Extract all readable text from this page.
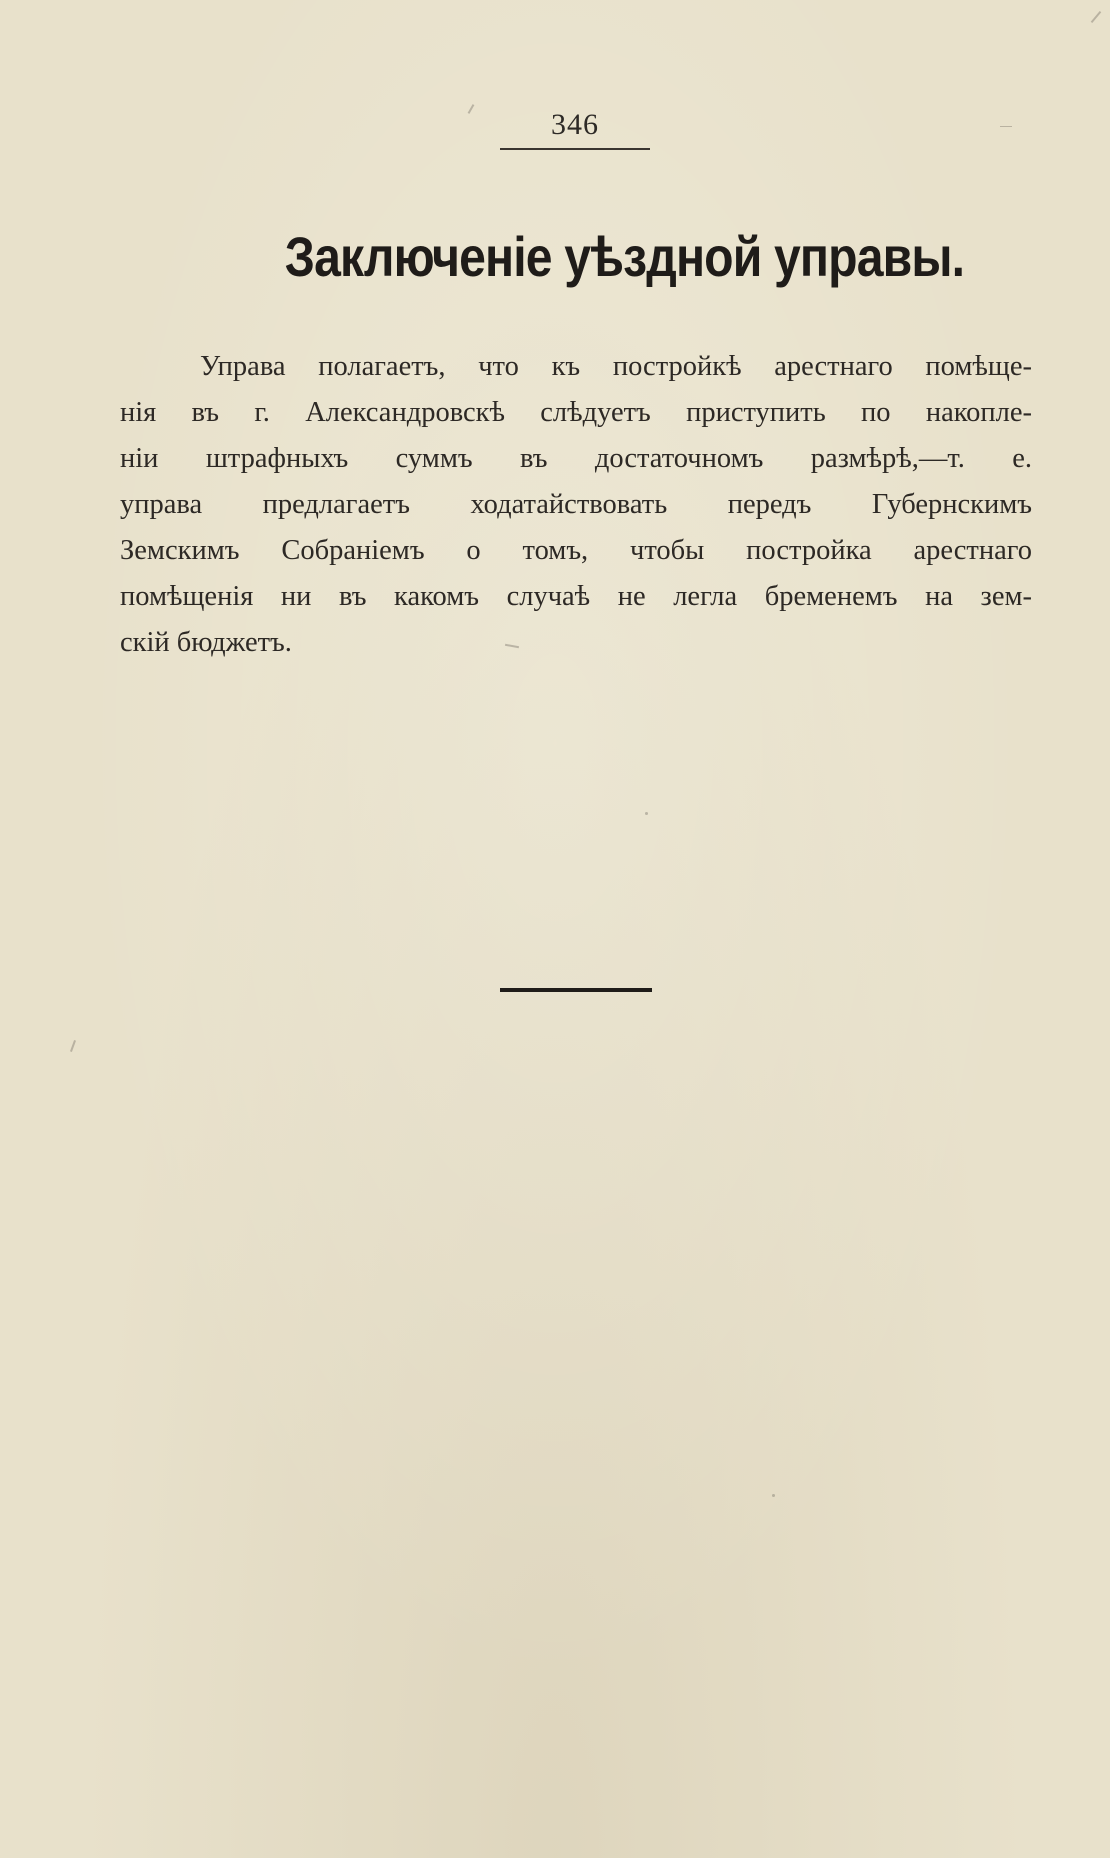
346
Заключеніе уѣздной управы.
Управа полагаетъ, что къ постройкѣ арестнаго помѣще-
нія въ г. Александровскѣ слѣдуетъ приступить по накопле-
ніи штрафныхъ суммъ въ достаточномъ размѣрѣ,—т. е.
управа предлагаетъ ходатайствовать передъ Губернскимъ
Земскимъ Собраніемъ о томъ, чтобы постройка арестнаго
помѣщенія ни въ какомъ случаѣ не легла бременемъ на зем-
скій бюджетъ.
